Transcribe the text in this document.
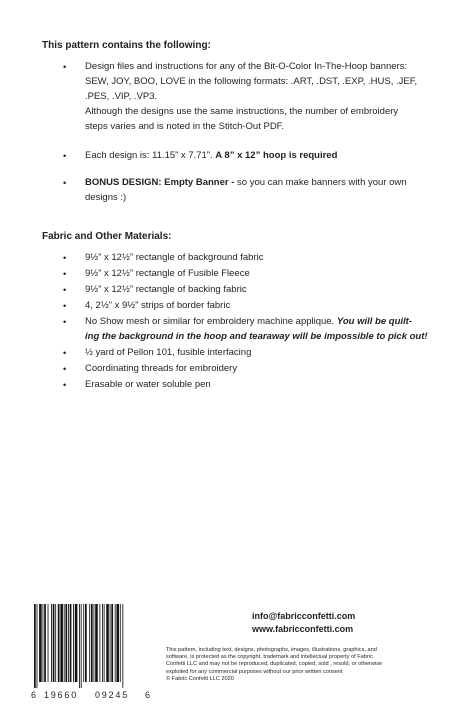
This pattern contains the following:
• Design files and instructions for any of the Bit-O-Color In-The-Hoop banners:
SEW, JOY, BOO, LOVE in the following formats: .ART, .DST, .EXP, .HUS, .JEF,
.PES, .VIP, .VP3.
Although the designs use the same instructions, the number of embroidery
steps varies and is noted in the Stitch-Out PDF.
• Each design is: 11.15” x 7.71”. A 8” x 12” hoop is required
• BONUS DESIGN: Empty Banner - so you can make banners with your own
designs :)
Fabric and Other Materials:
• 9½” x 12½” rectangle of background fabric
• 9½” x 12½” rectangle of Fusible Fleece
• 9½” x 12½” rectangle of backing fabric
• 4, 2½” x 9½” strips of border fabric
• No Show mesh or similar for embroidery machine applique. You will be quilt-
ing the background in the hoop and tearaway will be impossible to pick out!
• ½ yard of Pellon 101, fusible interfacing
• Coordinating threads for embroidery
• Erasable or water soluble pen
info@fabricconfetti.com
www.fabricconfetti.com
6 19660 09245 6
This pattern, including text, designs, photographs, images, illustrations, graphics, and
software, is protected as the copyright, trademark and intellectual property of Fabric
Confetti LLC and may not be reproduced, duplicated, copied, sold , resold, or otherwise
exploited for any commercial purposes without our prior written consent
© Fabric Confetti LLC 2020
